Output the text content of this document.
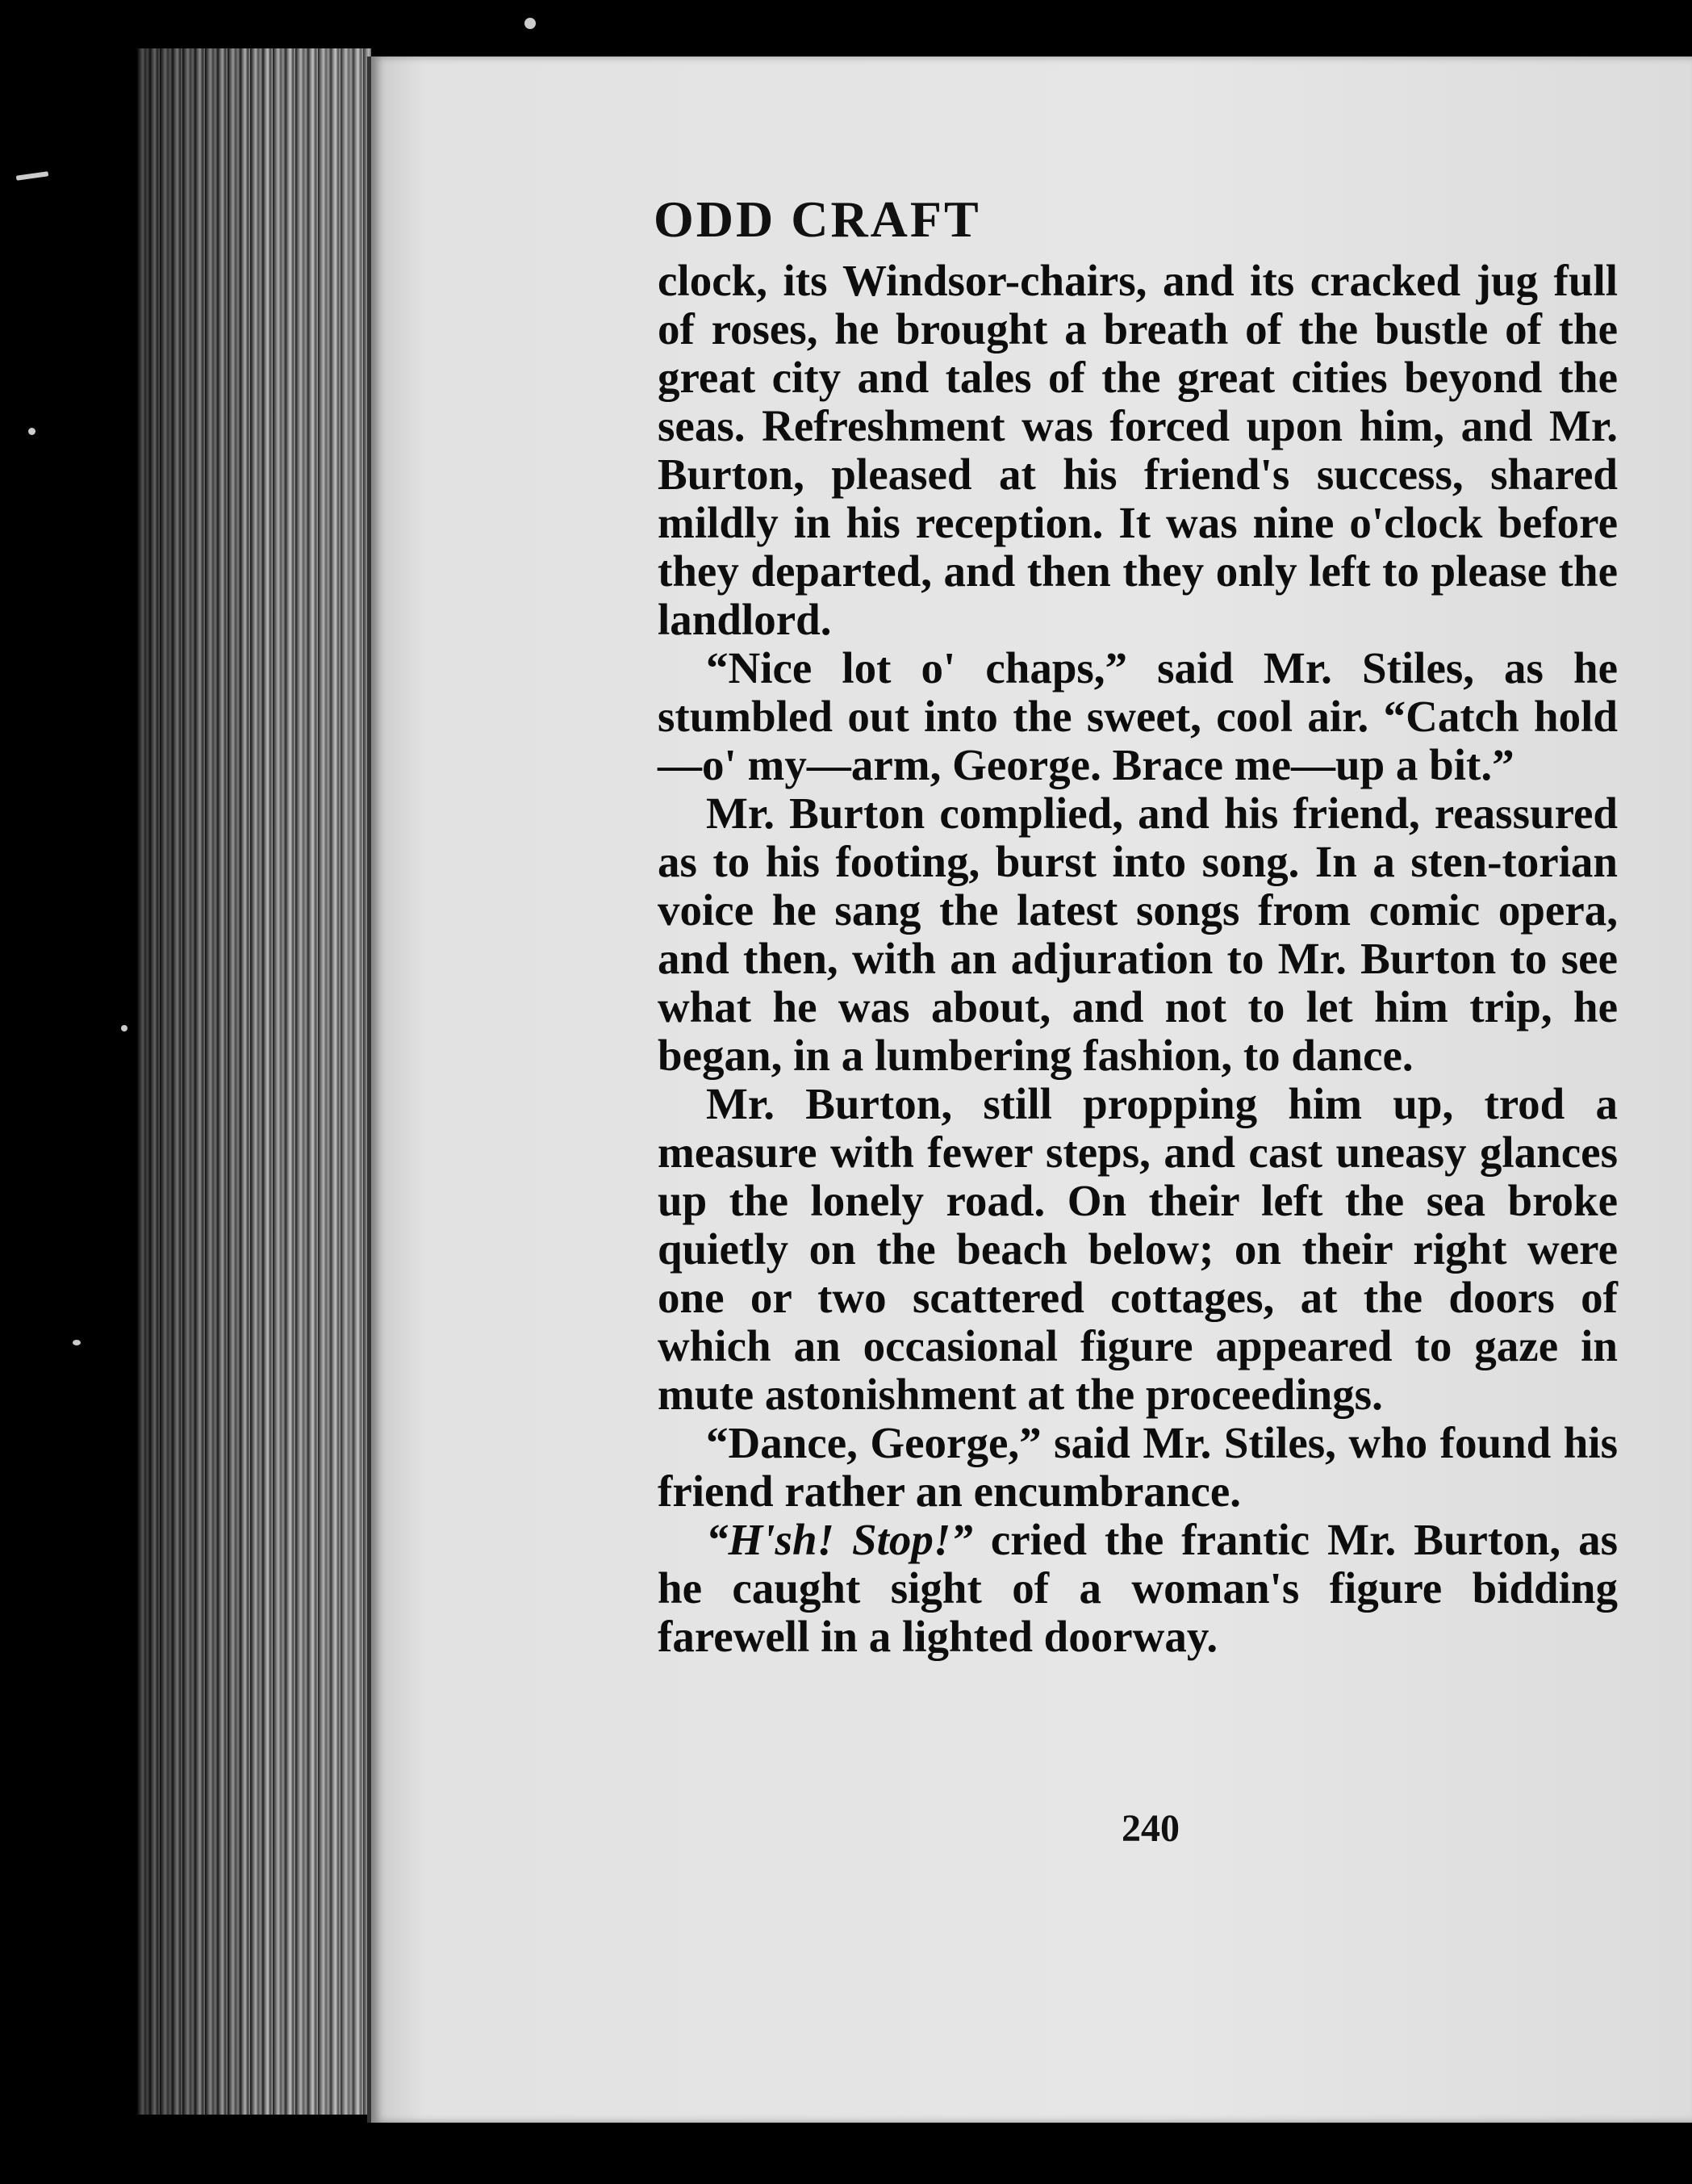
ODD CRAFT

clock, its Windsor-chairs, and its cracked jug full of roses, he brought a breath of the bustle of the great city and tales of the great cities beyond the seas. Refreshment was forced upon him, and Mr. Burton, pleased at his friend's success, shared mildly in his reception. It was nine o'clock before they departed, and then they only left to please the landlord.

“Nice lot o' chaps,” said Mr. Stiles, as he stumbled out into the sweet, cool air. “Catch hold—o' my—arm, George. Brace me—up a bit.”

Mr. Burton complied, and his friend, reassured as to his footing, burst into song. In a sten-torian voice he sang the latest songs from comic opera, and then, with an adjuration to Mr. Burton to see what he was about, and not to let him trip, he began, in a lumbering fashion, to dance.

Mr. Burton, still propping him up, trod a measure with fewer steps, and cast uneasy glances up the lonely road. On their left the sea broke quietly on the beach below; on their right were one or two scattered cottages, at the doors of which an occasional figure appeared to gaze in mute astonishment at the proceedings.

“Dance, George,” said Mr. Stiles, who found his friend rather an encumbrance.

“H'sh! Stop!” cried the frantic Mr. Burton, as he caught sight of a woman's figure bidding farewell in a lighted doorway.

240
